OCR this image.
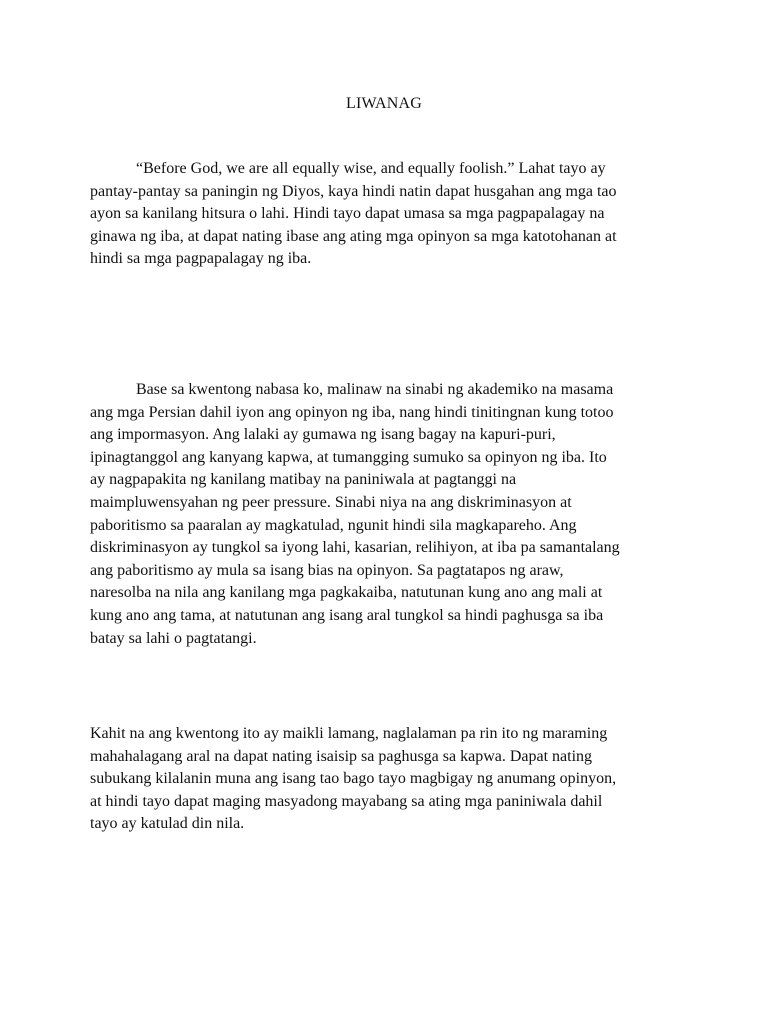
LIWANAG

“Before God, we are all equally wise, and equally foolish.” Lahat tayo ay
pantay-pantay sa paningin ng Diyos, kaya hindi natin dapat husgahan ang mga tao
ayon sa kanilang hitsura o lahi. Hindi tayo dapat umasa sa mga pagpapalagay na
ginawa ng iba, at dapat nating ibase ang ating mga opinyon sa mga katotohanan at
hindi sa mga pagpapalagay ng iba.

Base sa kwentong nabasa ko, malinaw na sinabi ng akademiko na masama
ang mga Persian dahil iyon ang opinyon ng iba, nang hindi tinitingnan kung totoo
ang impormasyon. Ang lalaki ay gumawa ng isang bagay na kapuri-puri,
ipinagtanggol ang kanyang kapwa, at tumangging sumuko sa opinyon ng iba. Ito
ay nagpapakita ng kanilang matibay na paniniwala at pagtanggi na
maimpluwensyahan ng peer pressure. Sinabi niya na ang diskriminasyon at
paboritismo sa paaralan ay magkatulad, ngunit hindi sila magkapareho. Ang
diskriminasyon ay tungkol sa iyong lahi, kasarian, relihiyon, at iba pa samantalang
ang paboritismo ay mula sa isang bias na opinyon. Sa pagtatapos ng araw,
naresolba na nila ang kanilang mga pagkakaiba, natutunan kung ano ang mali at
kung ano ang tama, at natutunan ang isang aral tungkol sa hindi paghusga sa iba
batay sa lahi o pagtatangi.

Kahit na ang kwentong ito ay maikli lamang, naglalaman pa rin ito ng maraming
mahahalagang aral na dapat nating isaisip sa paghusga sa kapwa. Dapat nating
subukang kilalanin muna ang isang tao bago tayo magbigay ng anumang opinyon,
at hindi tayo dapat maging masyadong mayabang sa ating mga paniniwala dahil
tayo ay katulad din nila.
